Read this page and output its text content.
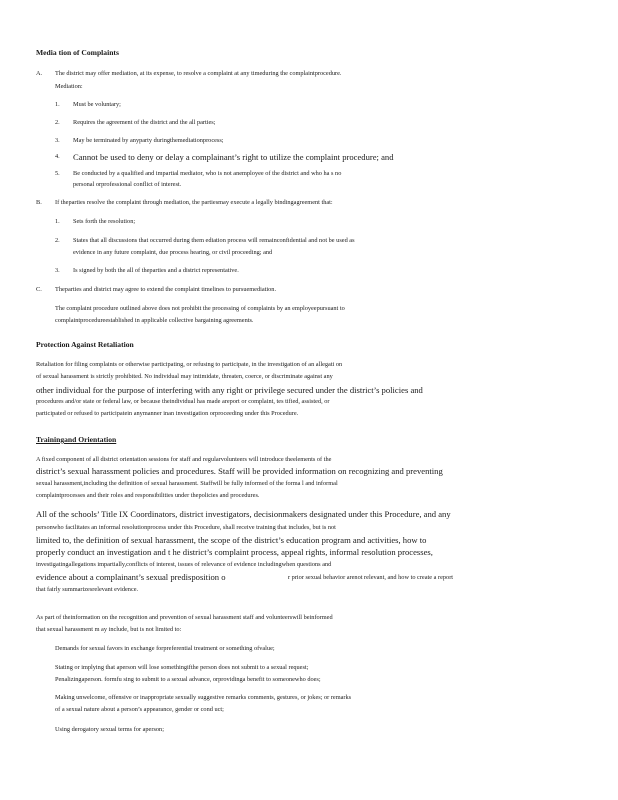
Media tion of Complaints
A. The district may offer mediation, at its expense, to resolve a complaint at any timeduring the complaintprocedure.
Mediation:
1. Must be voluntary;
2. Requires the agreement of the district and the all parties;
3. May be terminated by anyparty duringthemediationprocess;
4. Cannot be used to deny or delay a complainant’s right to utilize the complaint procedure; and
5. Be conducted by a qualified and impartial mediator, who is not anemployee of the district and who ha s no
personal orprofessional conflict of interest.
B. If theparties resolve the complaint through mediation, the partiesmay execute a legally bindingagreement that:
1. Sets forth the resolution;
2. States that all discussions that occurred during them ediation process will remainconfidential and not be used as
evidence in any future complaint, due process hearing, or civil proceeding; and
3. Is signed by both the all of theparties and a district representative.
C. Theparties and district may agree to extend the complaint timelines to pursuemediation.
The complaint procedure outlined above does not prohibit the processing of complaints by an employeepursuant to
complaintprocedureestablished in applicable collective bargaining agreements.
Protection Against Retaliation
Retaliation for filing complaints or otherwise participating, or refusing to participate, in the investigation of an allegati on
of sexual harassment is strictly prohibited. No individual may intimidate, threaten, coerce, or discriminate against any
other individual for the purpose of interfering with any right or privilege secured under the district’s policies and
procedures and/or state or federal law, or because theindividual has made areport or complaint, tes tified, assisted, or
participated or refused to participatein anymanner inan investigation orproceeding under this Procedure.
Trainingand Orientation
A fixed component of all district orientation sessions for staff and regularvolunteers will introduce theelements of the
district’s sexual harassment policies and procedures. Staff will be provided information on recognizing and preventing
sexual harassment,including the definition of sexual harassment. Staffwill be fully informed of the forma l and informal
complaintprocesses and their roles and responsibilities under thepolicies and procedures.
All of the schools’ Title IX Coordinators, district investigators, decisionmakers designated under this Procedure, and any
personwho facilitates an informal resolutionprocess under this Procedure, shall receive training that includes, but is not
limited to, the definition of sexual harassment, the scope of the district’s education program and activities, how to
properly conduct an investigation and t he district’s complaint process, appeal rights, informal resolution processes,
investigatingallegations impartially,conflicts of interest, issues of relevance of evidence includingwhen questions and
evidence about a complainant’s sexual predisposition o	r prior sexual behavior arenot relevant, and how to create a report
that fairly summarizesrelevant evidence.
As part of theinformation on the recognition and prevention of sexual harassment staff and volunteerswill beinformed
that sexual harassment m ay include, but is not limited to:
Demands for sexual favors in exchange forpreferential treatment or something ofvalue;
Stating or implying that aperson will lose somethingifthe person does not submit to a sexual request;
Penalizingaperson. formfu sing to submit to a sexual advance, orprovidinga benefit to someonewho does;
Making unwelcome, offensive or inappropriate sexually suggestive remarks comments, gestures, or jokes; or remarks
of a sexual nature about a person’s appearance, gender or cond uct;
Using derogatory sexual terms for aperson;
